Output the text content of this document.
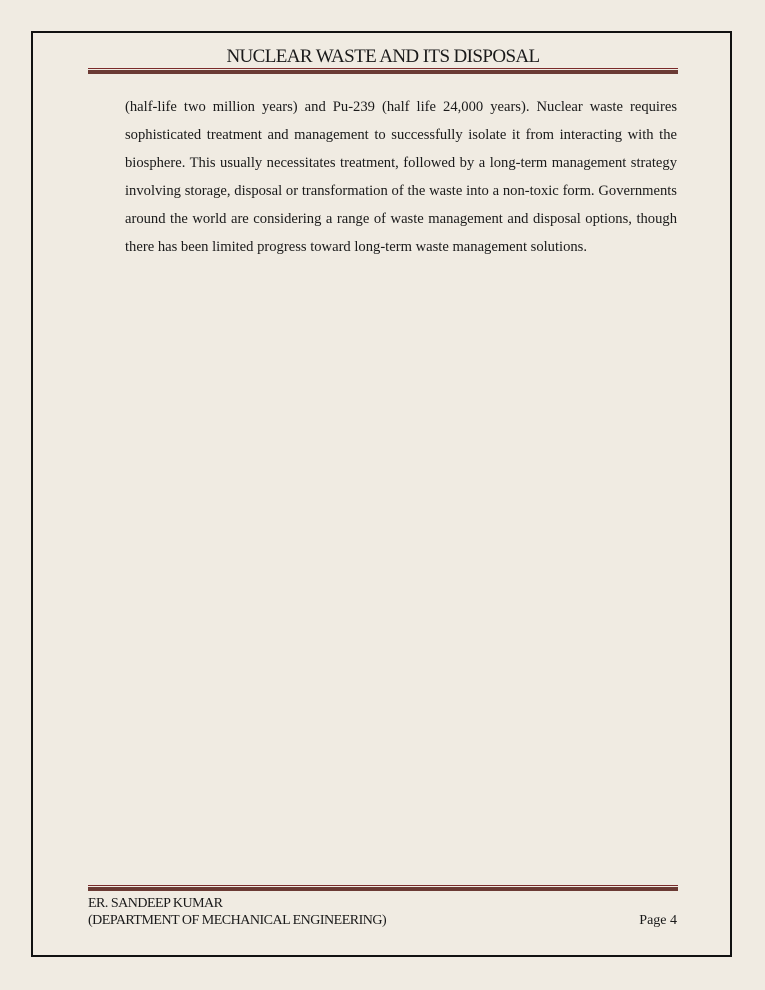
NUCLEAR WASTE AND ITS DISPOSAL

(half-life two million years) and Pu-239 (half life 24,000 years). Nuclear waste requires sophisticated treatment and management to successfully isolate it from interacting with the biosphere. This usually necessitates treatment, followed by a long-term management strategy involving storage, disposal or transformation of the waste into a non-toxic form. Governments around the world are considering a range of waste management and disposal options, though there has been limited progress toward long-term waste management solutions.

ER. SANDEEP KUMAR
(DEPARTMENT OF MECHANICAL ENGINEERING)	Page 4
